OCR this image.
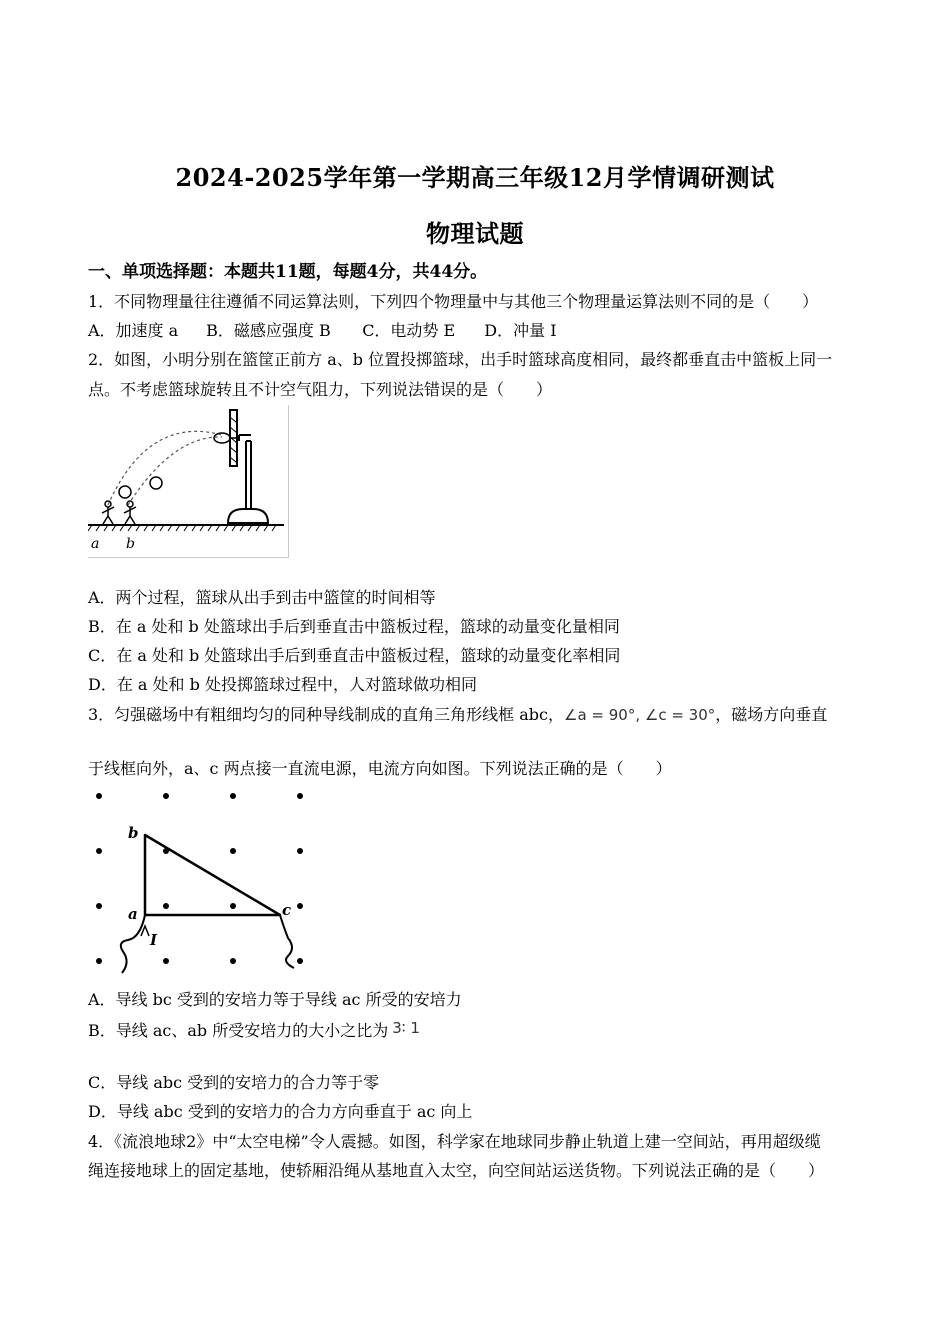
2024-2025学年第一学期高三年级12月学情调研测试
物理试题
一、单项选择题：本题共11题，每题4分，共44分。
1．不同物理量往往遵循不同运算法则，下列四个物理量中与其他三个物理量运算法则不同的是（　　）
A．加速度 a B．磁感应强度 B C．电动势 E D．冲量 I
2．如图，小明分别在篮筐正前方 a、b 位置投掷篮球，出手时篮球高度相同，最终都垂直击中篮板上同一
点。不考虑篮球旋转且不计空气阻力，下列说法错误的是（　　）
a b
A．两个过程，篮球从出手到击中篮筐的时间相等
B．在 a 处和 b 处篮球出手后到垂直击中篮板过程，篮球的动量变化量相同
C．在 a 处和 b 处篮球出手后到垂直击中篮板过程，篮球的动量变化率相同
D．在 a 处和 b 处投掷篮球过程中，人对篮球做功相同
3．匀强磁场中有粗细均匀的同种导线制成的直角三角形线框 abc，∠a = 90°, ∠c = 30°，磁场方向垂直
于线框向外，a、c 两点接一直流电源，电流方向如图。下列说法正确的是（　　）
b
a	c
I
A．导线 bc 受到的安培力等于导线 ac 所受的安培力
B．导线 ac、ab 所受安培力的大小之比为 3∶ 1
C．导线 abc 受到的安培力的合力等于零
D．导线 abc 受到的安培力的合力方向垂直于 ac 向上
4．《流浪地球2》中“太空电梯”令人震撼。如图，科学家在地球同步静止轨道上建一空间站，再用超级缆
绳连接地球上的固定基地，使轿厢沿绳从基地直入太空，向空间站运送货物。下列说法正确的是（　　）
